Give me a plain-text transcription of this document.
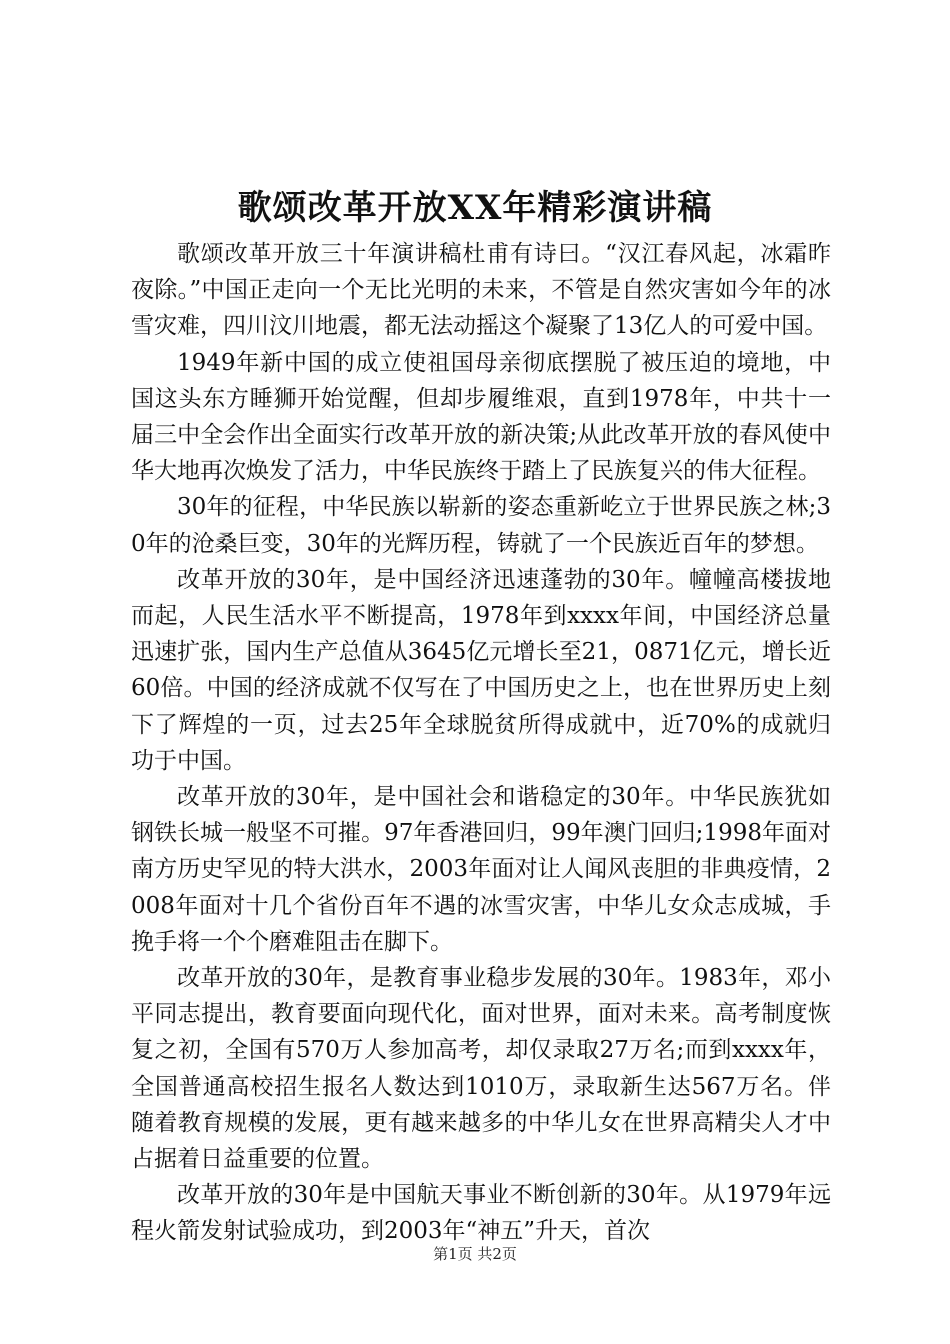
歌颂改革开放XX年精彩演讲稿

歌颂改革开放三十年演讲稿杜甫有诗曰。“汉江春风起，冰霜昨夜除。”中国正走向一个无比光明的未来，不管是自然灾害如今年的冰雪灾难，四川汶川地震，都无法动摇这个凝聚了13亿人的可爱中国。

1949年新中国的成立使祖国母亲彻底摆脱了被压迫的境地，中国这头东方睡狮开始觉醒，但却步履维艰，直到1978年，中共十一届三中全会作出全面实行改革开放的新决策;从此改革开放的春风使中华大地再次焕发了活力，中华民族终于踏上了民族复兴的伟大征程。

30年的征程，中华民族以崭新的姿态重新屹立于世界民族之林;30年的沧桑巨变，30年的光辉历程，铸就了一个民族近百年的梦想。

改革开放的30年，是中国经济迅速蓬勃的30年。幢幢高楼拔地而起，人民生活水平不断提高，1978年到xxxx年间，中国经济总量迅速扩张，国内生产总值从3645亿元增长至21，0871亿元，增长近60倍。中国的经济成就不仅写在了中国历史之上，也在世界历史上刻下了辉煌的一页，过去25年全球脱贫所得成就中，近70%的成就归功于中国。

改革开放的30年，是中国社会和谐稳定的30年。中华民族犹如钢铁长城一般坚不可摧。97年香港回归，99年澳门回归;1998年面对南方历史罕见的特大洪水，2003年面对让人闻风丧胆的非典疫情，2008年面对十几个省份百年不遇的冰雪灾害，中华儿女众志成城，手挽手将一个个磨难阻击在脚下。

改革开放的30年，是教育事业稳步发展的30年。1983年，邓小平同志提出，教育要面向现代化，面对世界，面对未来。高考制度恢复之初，全国有570万人参加高考，却仅录取27万名;而到xxxx年，全国普通高校招生报名人数达到1010万，录取新生达567万名。伴随着教育规模的发展，更有越来越多的中华儿女在世界高精尖人才中占据着日益重要的位置。

改革开放的30年是中国航天事业不断创新的30年。从1979年远程火箭发射试验成功，到2003年“神五”升天，首次

第1页 共2页
